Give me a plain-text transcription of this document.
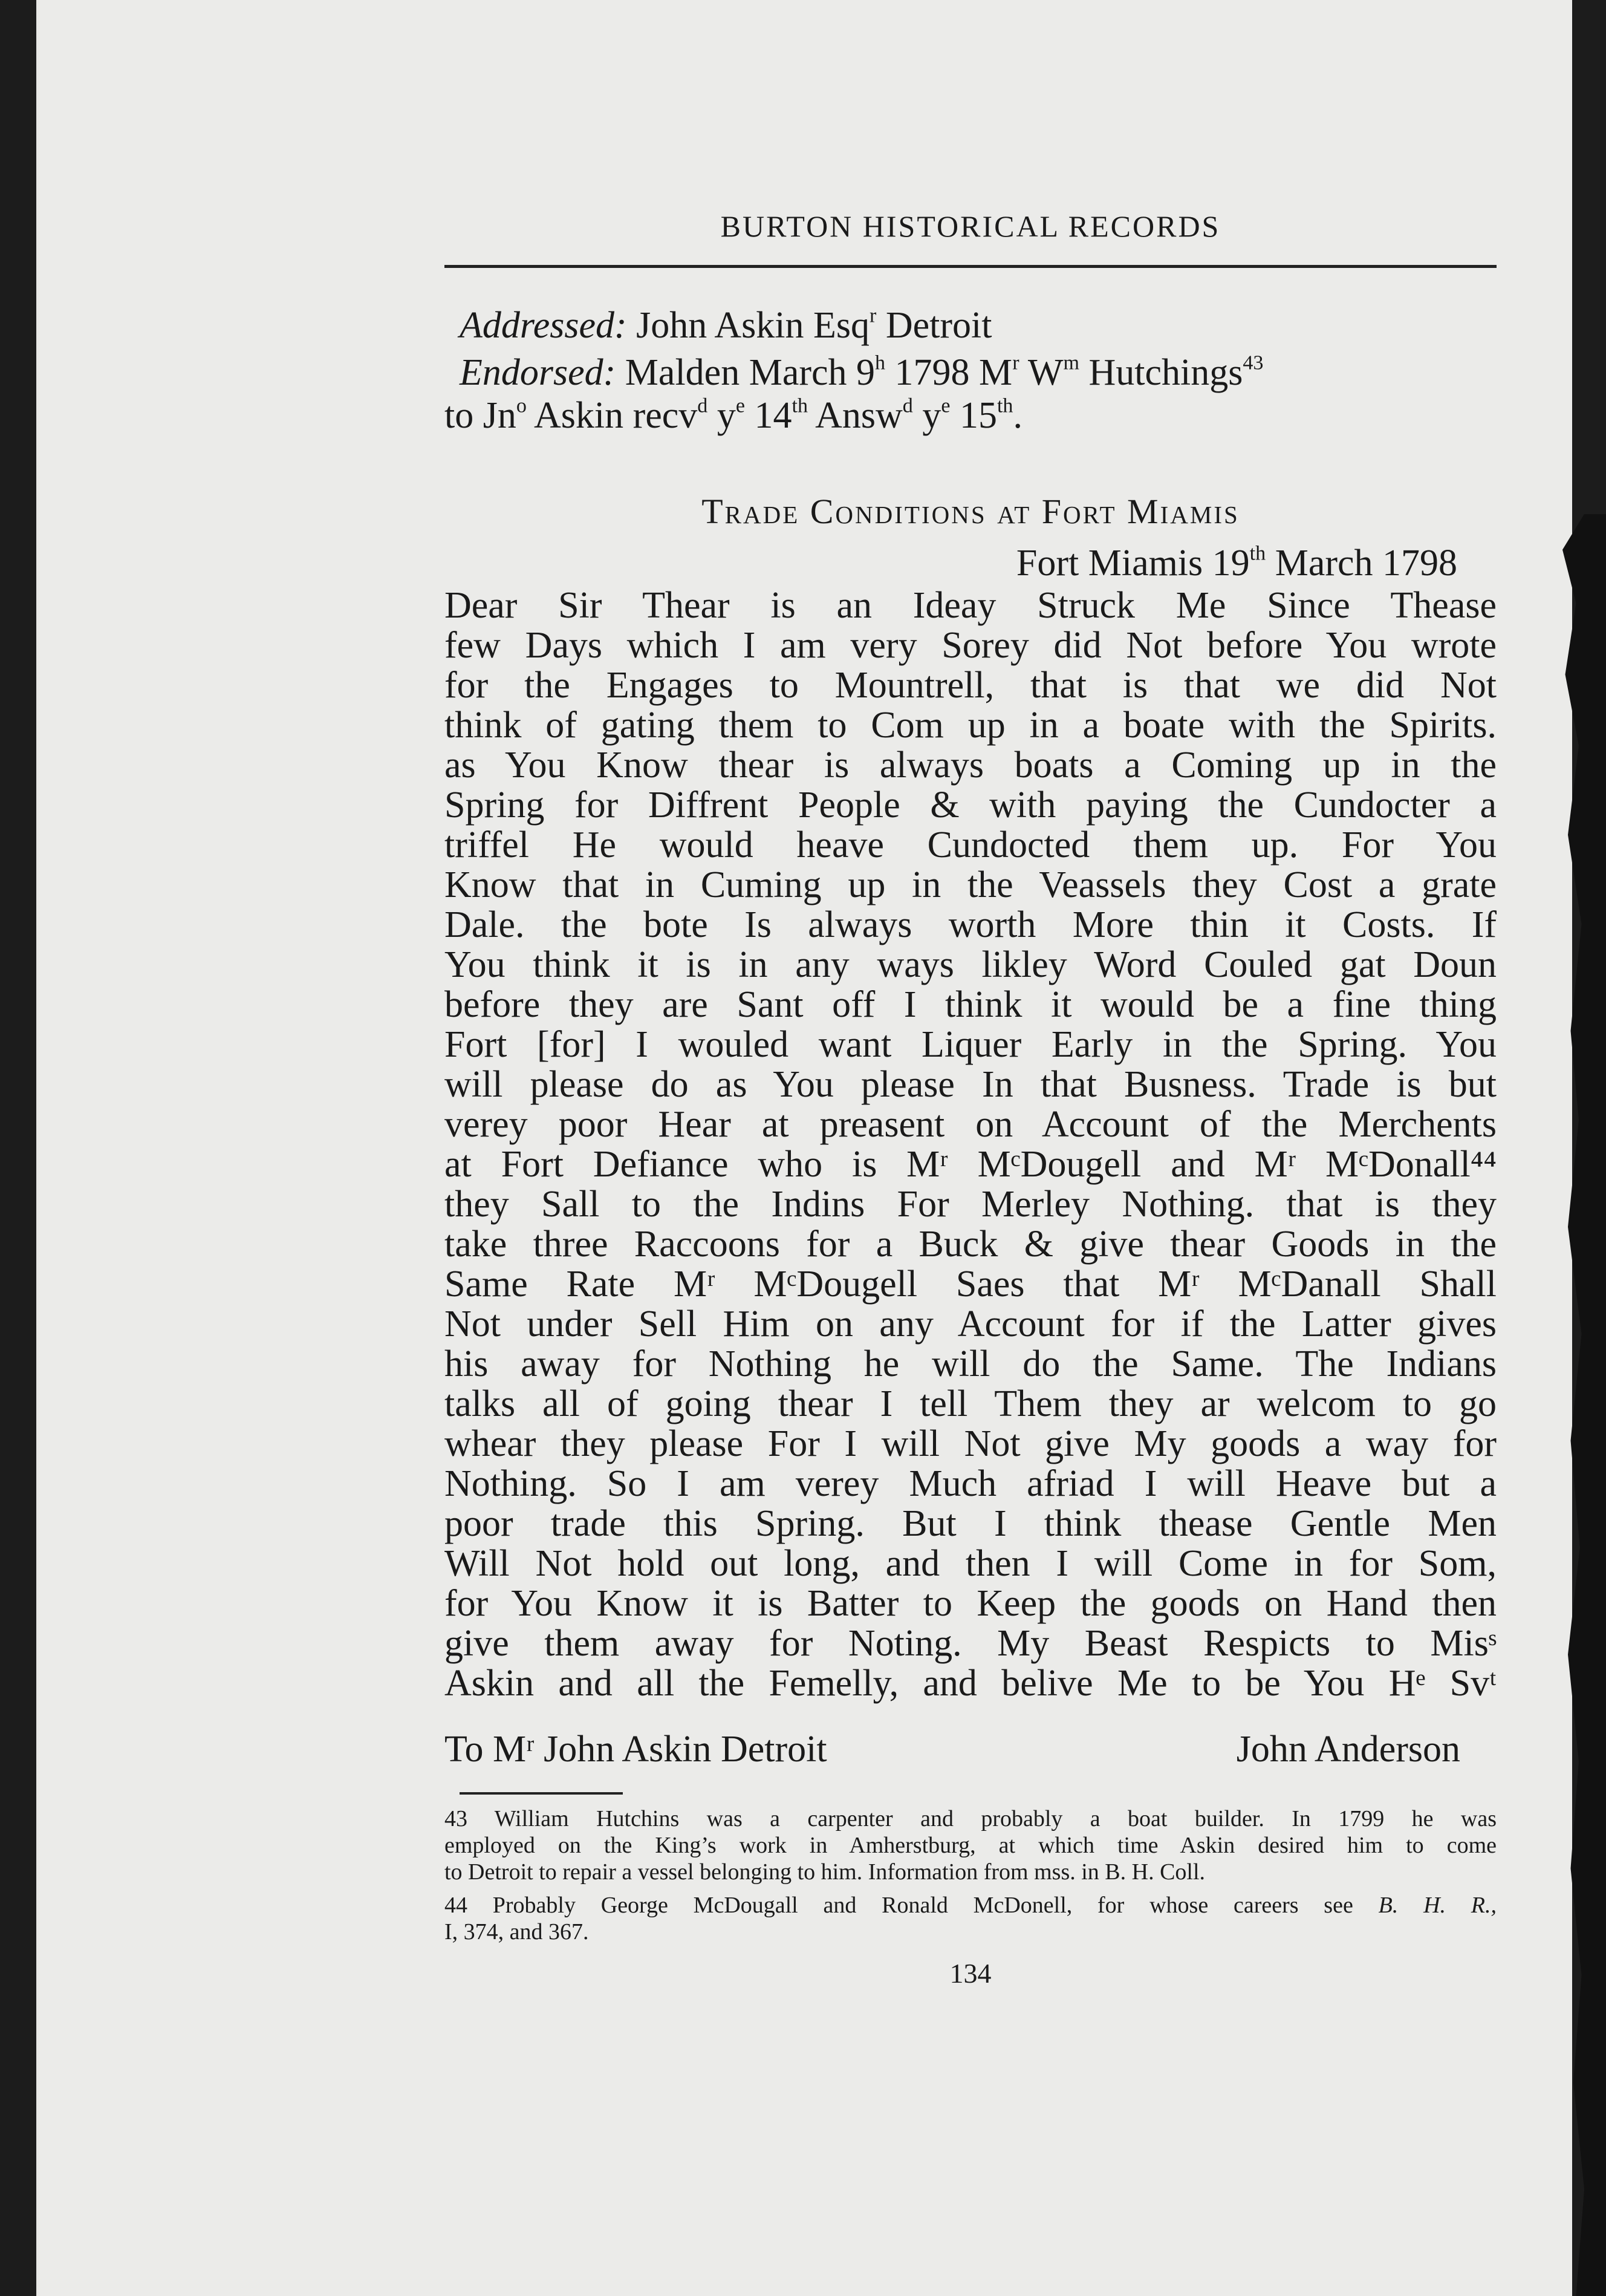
BURTON HISTORICAL RECORDS
Addressed: John Askin Esq$^r$ Detroit
Endorsed: Malden March 9$^h$ 1798 $M^r$ $W^m$ Hutchings$^{43}$
to Jn$^o$ Askin recv$^d$ $y^e$ 14th Answ$^d$ $y^e$ 15th.
Trade Conditions at Fort Miamis
Fort Miamis 19th March 1798
Dear Sir Thear is an Ideay Struck Me Since Thease
few Days which I am very Sorey did Not before You wrote
for the Engages to Mountrell, that is that we did Not
think of gating them to Com up in a boate with the Spirits.
as You Know thear is always boats a Coming up in the
Spring for Diffrent People & with paying the Cundocter a
triffel He would heave Cundocted them up. For You
Know that in Cuming up in the Veassels they Cost a grate
Dale. the bote Is always worth More thin it Costs. If
You think it is in any ways likley Word Couled gat Doun
before they are Sant off I think it would be a fine thing
Fort [for] I wouled want Liquer Early in the Spring. You
will please do as You please In that Busness. Trade is but
verey poor Hear at preasent on Account of the Merchents
at Fort Defiance who is Mʳ MᶜDougell and Mʳ MᶜDonall⁴⁴
they Sall to the Indins For Merley Nothing. that is they
take three Raccoons for a Buck & give thear Goods in the
Same Rate Mʳ MᶜDougell Saes that Mʳ MᶜDanall Shall
Not under Sell Him on any Account for if the Latter gives
his away for Nothing he will do the Same. The Indians
talks all of going thear I tell Them they ar welcom to go
whear they please For I will Not give My goods a way for
Nothing. So I am verey Much afriad I will Heave but a
poor trade this Spring. But I think thease Gentle Men
Will Not hold out long, and then I will Come in for Som,
for You Know it is Batter to Keep the goods on Hand then
give them away for Noting. My Beast Respicts to Misˢ
Askin and all the Femelly, and belive Me to be You Hᵉ Svᵗ
To Mʳ John Askin Detroit	John Anderson
43 William Hutchins was a carpenter and probably a boat builder. In 1799 he was
employed on the King’s work in Amherstburg, at which time Askin desired him to come
to Detroit to repair a vessel belonging to him. Information from mss. in B. H. Coll.
44 Probably George McDougall and Ronald McDonell, for whose careers see B. H. R.,
I, 374, and 367.
134
